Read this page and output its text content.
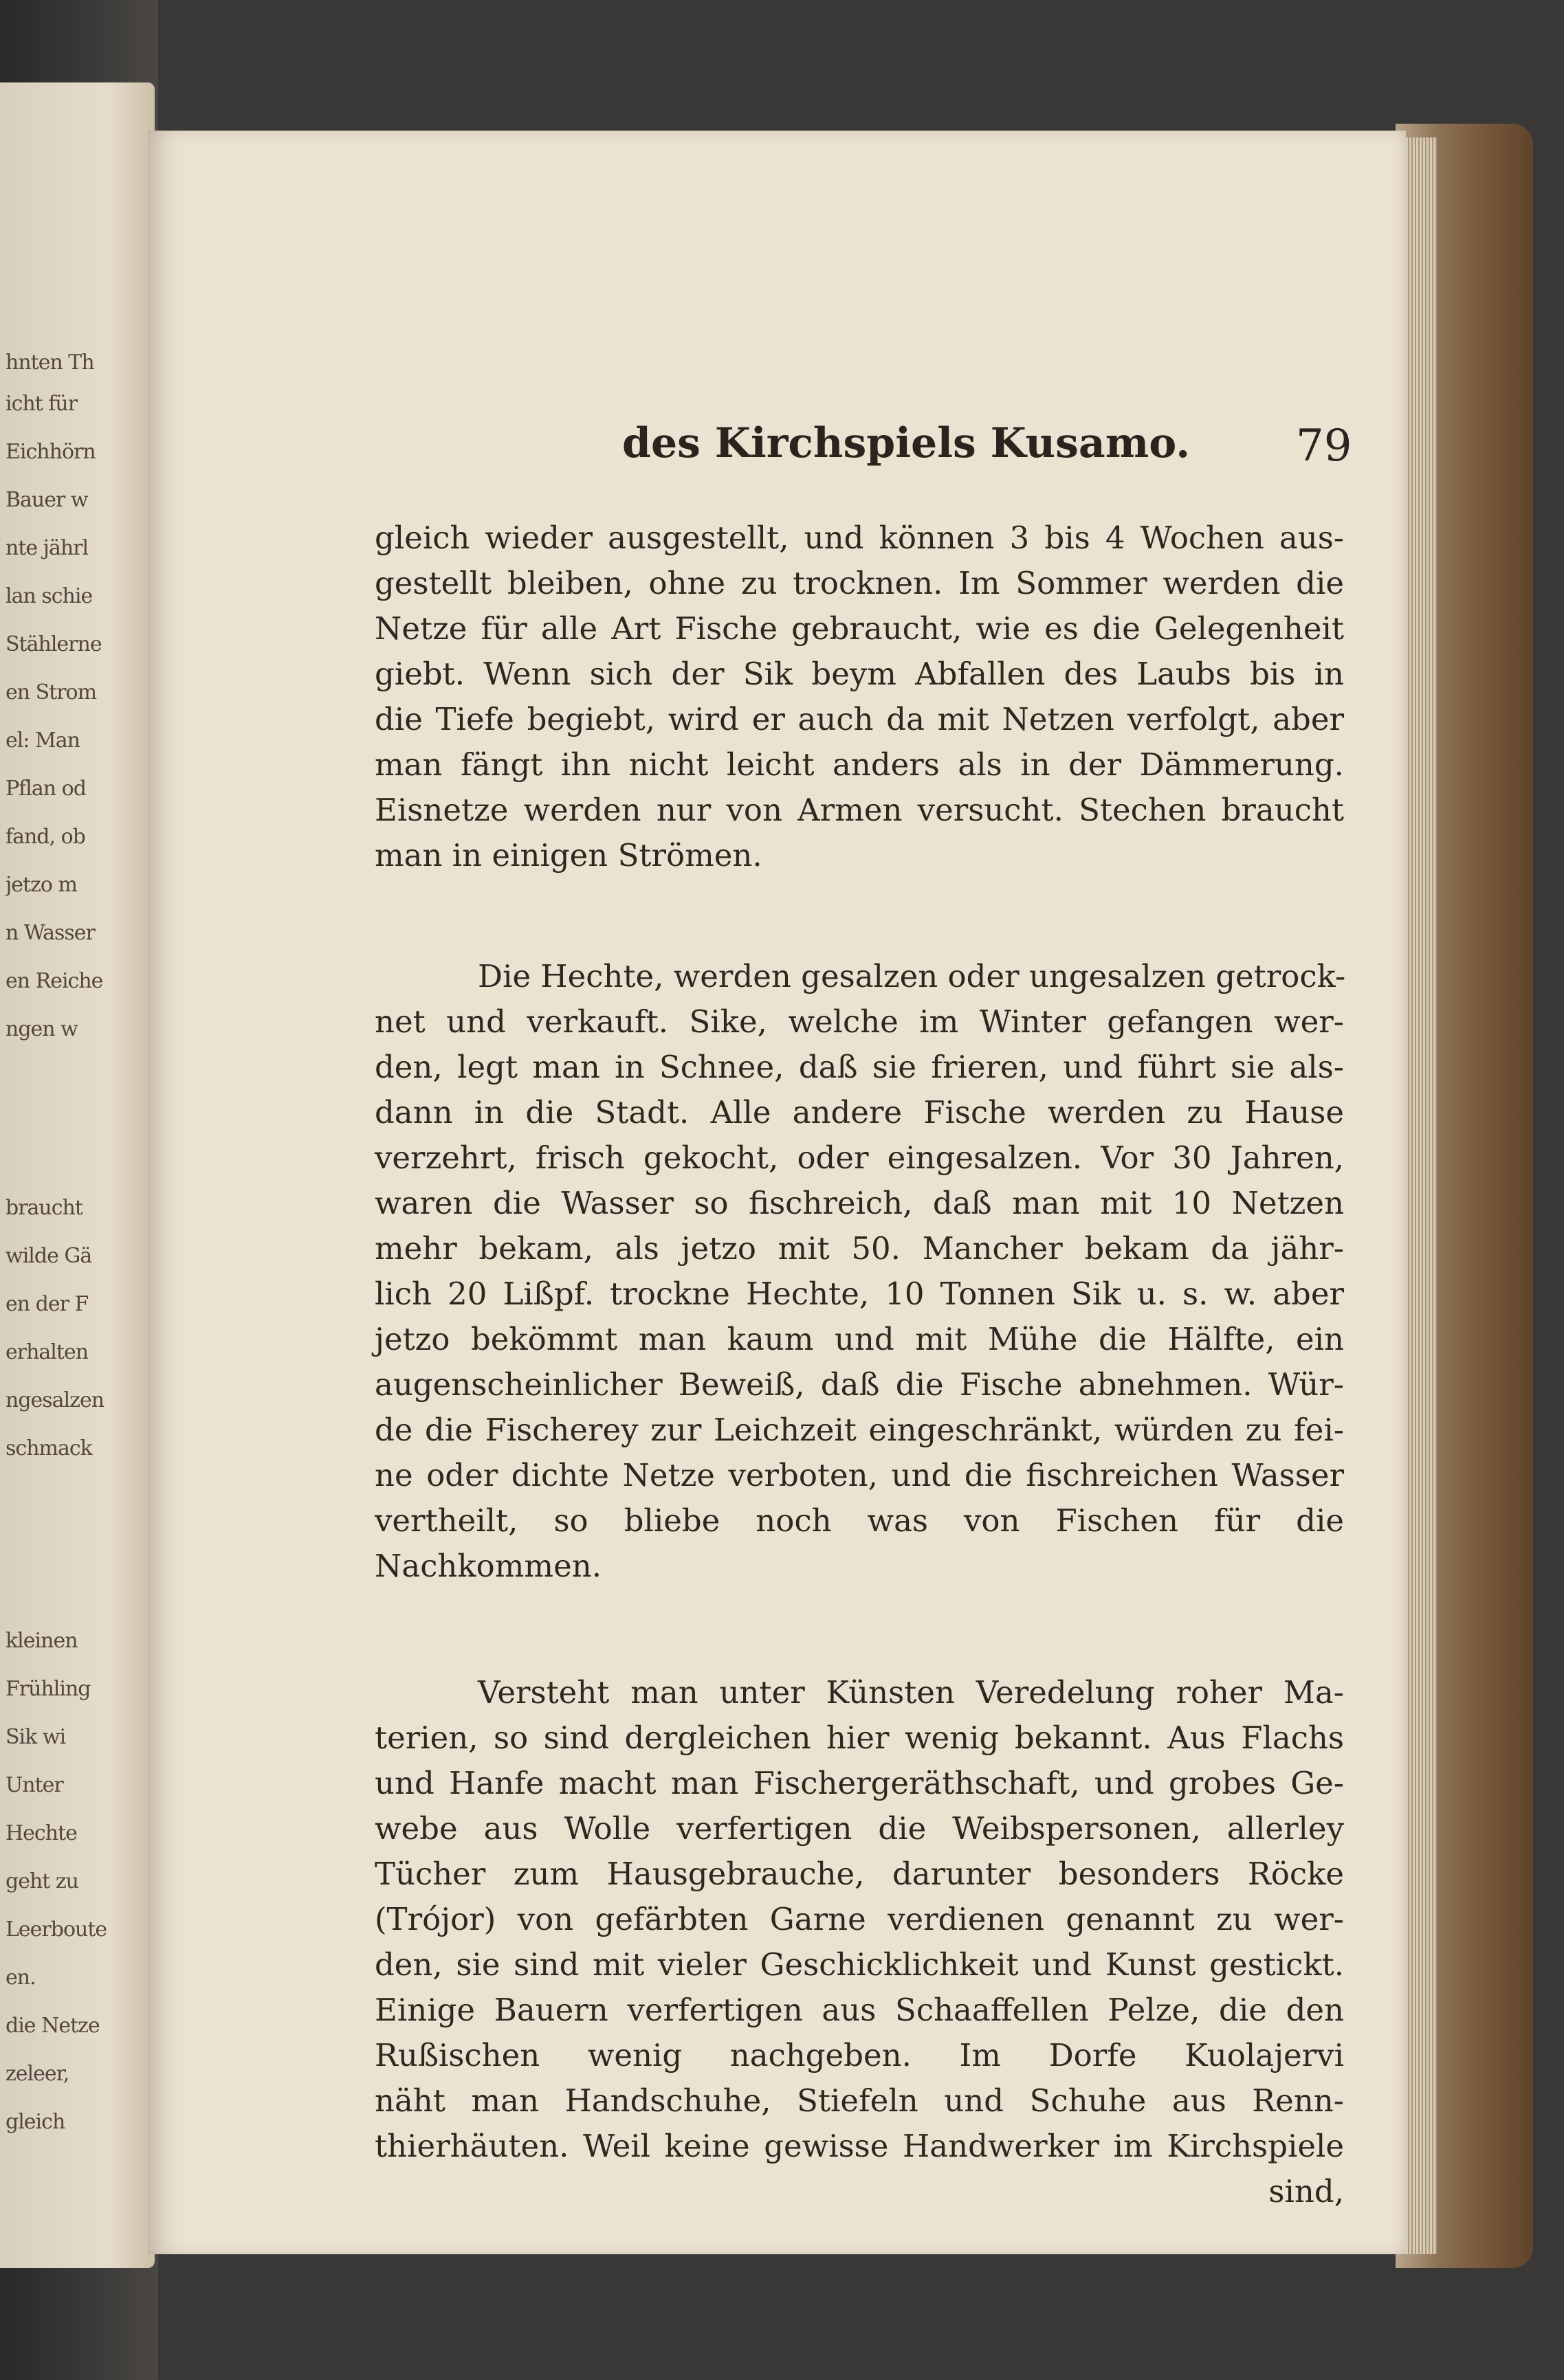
hnten Th
icht für
Eichhörn
Bauer w
nte jährl
lan schie
Stählerne
en Strom
el: Man
Pflan od
fand, ob
jetzo m
n Wasser
en Reiche
ngen w
braucht
wilde Gä
en der F
erhalten
ngesalzen
schmack
kleinen
Frühling
Sik wi
Unter
Hechte
geht zu
Leerboute
en.
die Netze
zeleer,
gleich
des Kirchspiels Kusamo. 79
gleich wieder ausgestellt, und können 3 bis 4 Wochen aus-
gestellt bleiben, ohne zu trocknen. Im Sommer werden die
Netze für alle Art Fische gebraucht, wie es die Gelegenheit
giebt. Wenn sich der Sik beym Abfallen des Laubs bis in
die Tiefe begiebt, wird er auch da mit Netzen verfolgt, aber
man fängt ihn nicht leicht anders als in der Dämmerung.
Eisnetze werden nur von Armen versucht. Stechen braucht
man in einigen Strömen.
Die Hechte, werden gesalzen oder ungesalzen getrock-
net und verkauft. Sike, welche im Winter gefangen wer-
den, legt man in Schnee, daß sie frieren, und führt sie als-
dann in die Stadt. Alle andere Fische werden zu Hause
verzehrt, frisch gekocht, oder eingesalzen. Vor 30 Jahren,
waren die Wasser so fischreich, daß man mit 10 Netzen
mehr bekam, als jetzo mit 50. Mancher bekam da jähr-
lich 20 Lißpf. trockne Hechte, 10 Tonnen Sik u. s. w. aber
jetzo bekömmt man kaum und mit Mühe die Hälfte, ein
augenscheinlicher Beweiß, daß die Fische abnehmen. Wür-
de die Fischerey zur Leichzeit eingeschränkt, würden zu fei-
ne oder dichte Netze verboten, und die fischreichen Wasser
vertheilt, so bliebe noch was von Fischen für die
Nachkommen.
Versteht man unter Künsten Veredelung roher Ma-
terien, so sind dergleichen hier wenig bekannt. Aus Flachs
und Hanfe macht man Fischergeräthschaft, und grobes Ge-
webe aus Wolle verfertigen die Weibspersonen, allerley
Tücher zum Hausgebrauche, darunter besonders Röcke
(Trójor) von gefärbten Garne verdienen genannt zu wer-
den, sie sind mit vieler Geschicklichkeit und Kunst gestickt.
Einige Bauern verfertigen aus Schaaffellen Pelze, die den
Rußischen wenig nachgeben. Im Dorfe Kuolajervi
näht man Handschuhe, Stiefeln und Schuhe aus Renn-
thierhäuten. Weil keine gewisse Handwerker im Kirchspiele
sind,
